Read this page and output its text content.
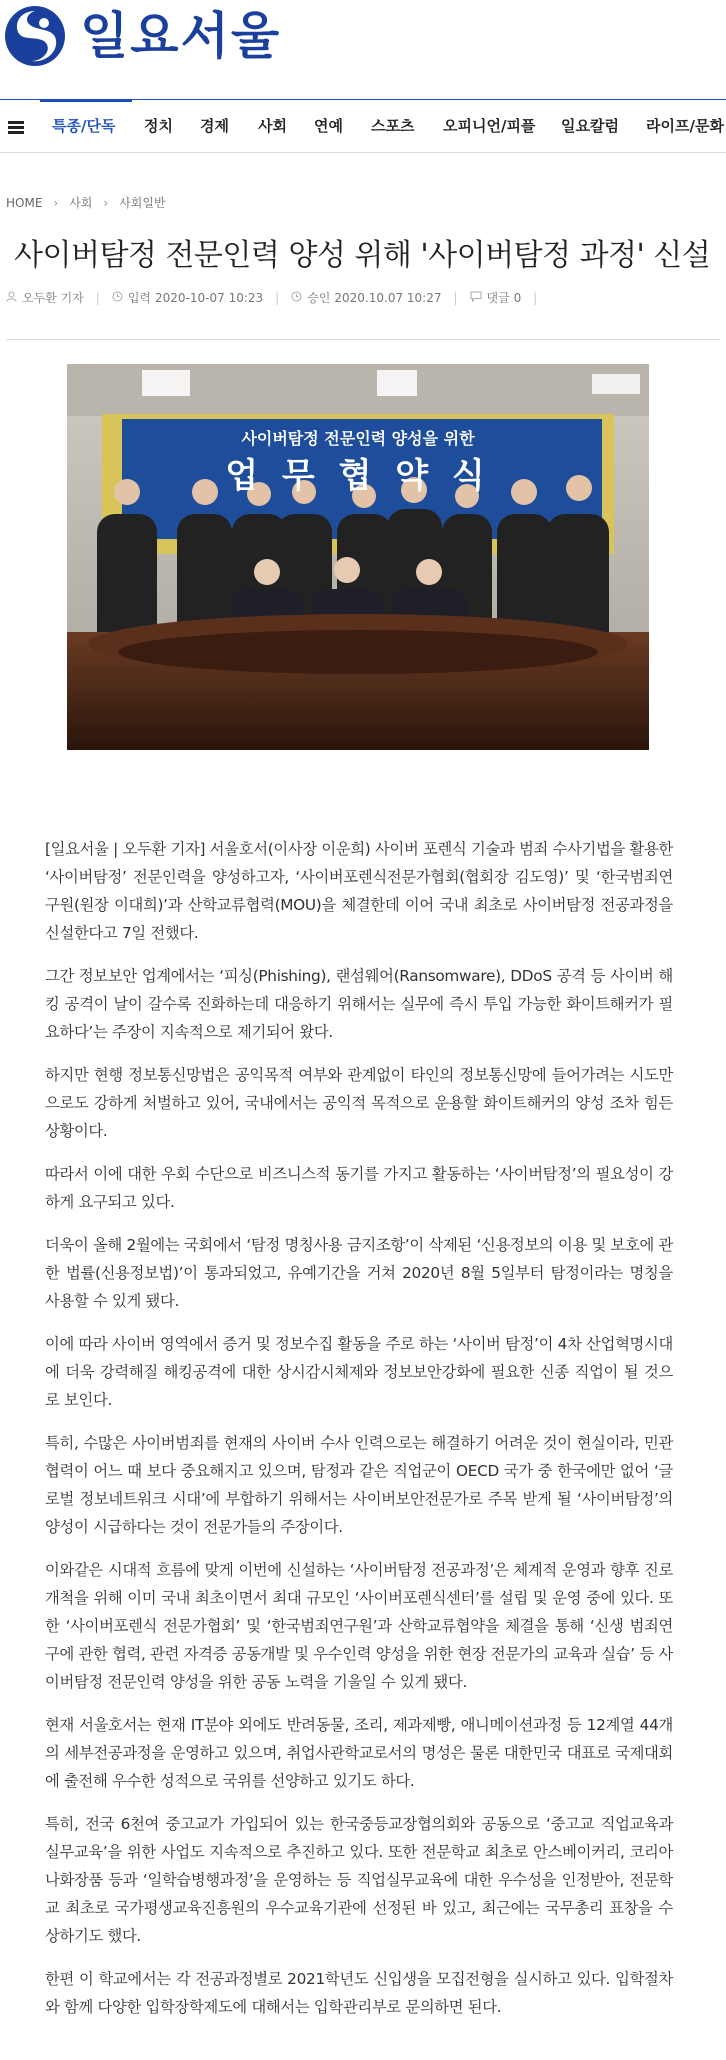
일요서울
특종/단독 정치 경제 사회 연예 스포츠 오피니언/피플 일요칼럼 라이프/문화
HOME › 사회 › 사회일반
사이버탐정 전문인력 양성 위해 '사이버탐정 과정' 신설
오두환 기자 | 입력 2020-10-07 10:23 | 승인 2020.10.07 10:27 | 댓글 0 |
사이버탐정 전문인력 양성을 위한
업 무 협 약 식

[일요서울 | 오두환 기자] 서울호서(이사장 이운희) 사이버 포렌식 기술과 범죄 수사기법을 활용한 ‘사이버탐정’ 전문인력을 양성하고자, ‘사이버포렌식전문가협회(협회장 김도영)’ 및 ‘한국범죄연구원(원장 이대희)’과 산학교류협력(MOU)을 체결한데 이어 국내 최초로 사이버탐정 전공과정을 신설한다고 7일 전했다.

그간 정보보안 업계에서는 ‘피싱(Phishing), 랜섬웨어(Ransomware), DDoS 공격 등 사이버 해킹 공격이 날이 갈수록 진화하는데 대응하기 위해서는 실무에 즉시 투입 가능한 화이트해커가 필요하다’는 주장이 지속적으로 제기되어 왔다.

하지만 현행 정보통신망법은 공익목적 여부와 관계없이 타인의 정보통신망에 들어가려는 시도만으로도 강하게 처벌하고 있어, 국내에서는 공익적 목적으로 운용할 화이트해커의 양성 조차 힘든 상황이다.

따라서 이에 대한 우회 수단으로 비즈니스적 동기를 가지고 활동하는 ‘사이버탐정’의 필요성이 강하게 요구되고 있다.

더욱이 올해 2월에는 국회에서 ‘탐정 명칭사용 금지조항’이 삭제된 ‘신용정보의 이용 및 보호에 관한 법률(신용정보법)’이 통과되었고, 유예기간을 거쳐 2020년 8월 5일부터 탐정이라는 명칭을 사용할 수 있게 됐다.

이에 따라 사이버 영역에서 증거 및 정보수집 활동을 주로 하는 ‘사이버 탐정’이 4차 산업혁명시대에 더욱 강력해질 해킹공격에 대한 상시감시체제와 정보보안강화에 필요한 신종 직업이 될 것으로 보인다.

특히, 수많은 사이버범죄를 현재의 사이버 수사 인력으로는 해결하기 어려운 것이 현실이라, 민관협력이 어느 때 보다 중요해지고 있으며, 탐정과 같은 직업군이 OECD 국가 중 한국에만 없어 ‘글로벌 정보네트워크 시대’에 부합하기 위해서는 사이버보안전문가로 주목 받게 될 ‘사이버탐정’의 양성이 시급하다는 것이 전문가들의 주장이다.

이와같은 시대적 흐름에 맞게 이번에 신설하는 ‘사이버탐정 전공과정’은 체계적 운영과 향후 진로개척을 위해 이미 국내 최초이면서 최대 규모인 ‘사이버포렌식센터’를 설립 및 운영 중에 있다. 또한 ‘사이버포렌식 전문가협회’ 및 ‘한국범죄연구원’과 산학교류협약을 체결을 통해 ‘신생 범죄연구에 관한 협력, 관련 자격증 공동개발 및 우수인력 양성을 위한 현장 전문가의 교육과 실습’ 등 사이버탐정 전문인력 양성을 위한 공동 노력을 기울일 수 있게 됐다.

현재 서울호서는 현재 IT분야 외에도 반려동물, 조리, 제과제빵, 애니메이션과정 등 12계열 44개의 세부전공과정을 운영하고 있으며, 취업사관학교로서의 명성은 물론 대한민국 대표로 국제대회에 출전해 우수한 성적으로 국위를 선양하고 있기도 하다.

특히, 전국 6천여 중고교가 가입되어 있는 한국중등교장협의회와 공동으로 ‘중고교 직업교육과 실무교육’을 위한 사업도 지속적으로 추진하고 있다. 또한 전문학교 최초로 안스베이커리, 코리아나화장품 등과 ‘일학습병행과정’을 운영하는 등 직업실무교육에 대한 우수성을 인정받아, 전문학교 최초로 국가평생교육진흥원의 우수교육기관에 선정된 바 있고, 최근에는 국무총리 표창을 수상하기도 했다.

한편 이 학교에서는 각 전공과정별로 2021학년도 신입생을 모집전형을 실시하고 있다. 입학절차와 함께 다양한 입학장학제도에 대해서는 입학관리부로 문의하면 된다.
